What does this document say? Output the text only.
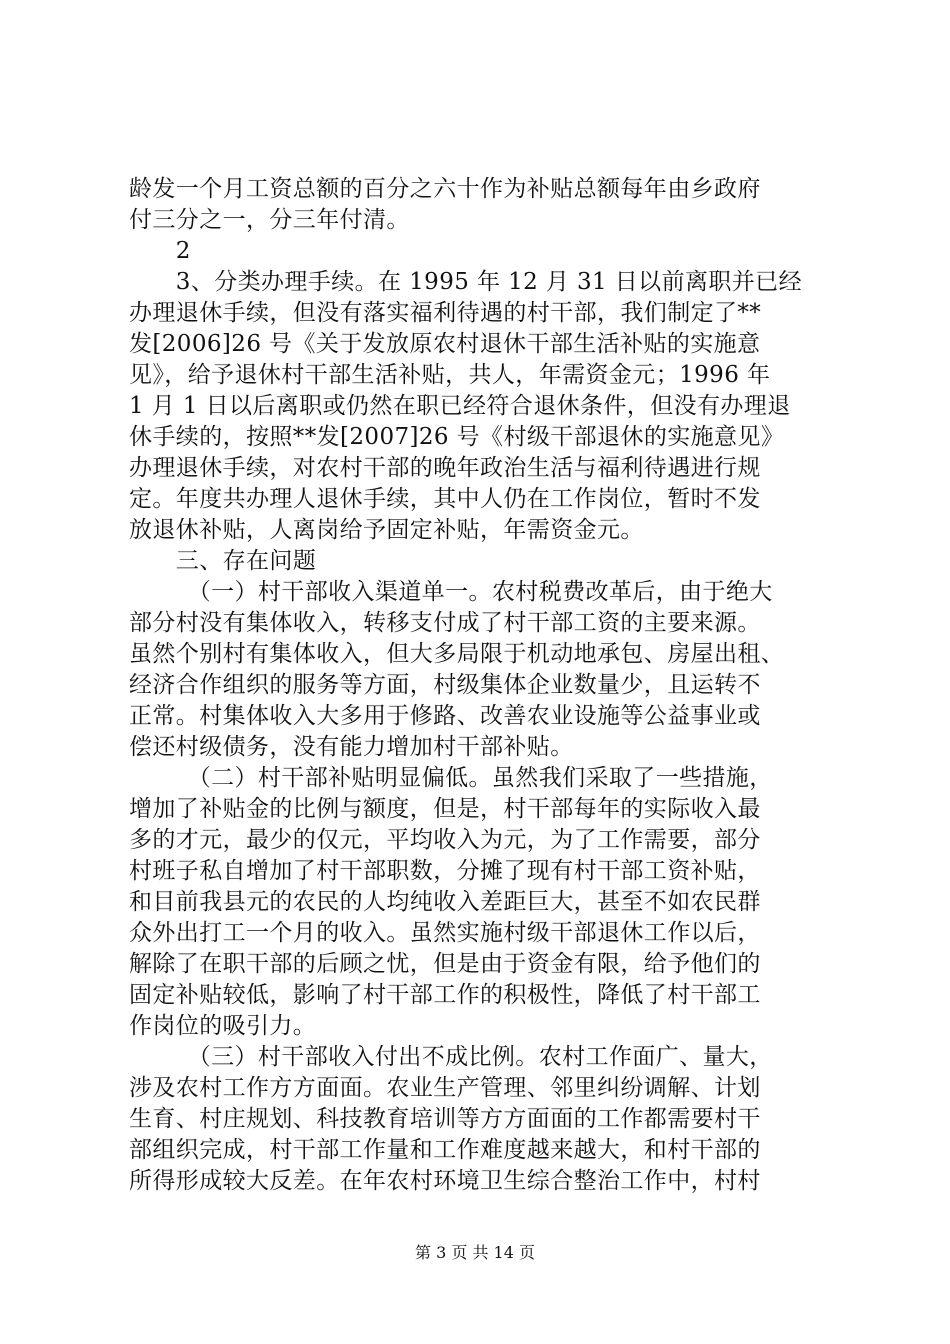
龄发一个月工资总额的百分之六十作为补贴总额每年由乡政府
付三分之一，分三年付清。
　　2
　　3、分类办理手续。在 1995 年 12 月 31 日以前离职并已经
办理退休手续，但没有落实福利待遇的村干部，我们制定了**
发[2006]26 号《关于发放原农村退休干部生活补贴的实施意
见》，给予退休村干部生活补贴，共人，年需资金元；1996 年
1 月 1 日以后离职或仍然在职已经符合退休条件，但没有办理退
休手续的，按照**发[2007]26 号《村级干部退休的实施意见》
办理退休手续，对农村干部的晚年政治生活与福利待遇进行规
定。年度共办理人退休手续，其中人仍在工作岗位，暂时不发
放退休补贴，人离岗给予固定补贴，年需资金元。
　　三、存在问题
　　　（一）村干部收入渠道单一。农村税费改革后，由于绝大
部分村没有集体收入，转移支付成了村干部工资的主要来源。
虽然个别村有集体收入，但大多局限于机动地承包、房屋出租、
经济合作组织的服务等方面，村级集体企业数量少，且运转不
正常。村集体收入大多用于修路、改善农业设施等公益事业或
偿还村级债务，没有能力增加村干部补贴。
　　　（二）村干部补贴明显偏低。虽然我们采取了一些措施，
增加了补贴金的比例与额度，但是，村干部每年的实际收入最
多的才元，最少的仅元，平均收入为元，为了工作需要，部分
村班子私自增加了村干部职数，分摊了现有村干部工资补贴，
和目前我县元的农民的人均纯收入差距巨大，甚至不如农民群
众外出打工一个月的收入。虽然实施村级干部退休工作以后，
解除了在职干部的后顾之忧，但是由于资金有限，给予他们的
固定补贴较低，影响了村干部工作的积极性，降低了村干部工
作岗位的吸引力。
　　　（三）村干部收入付出不成比例。农村工作面广、量大，
涉及农村工作方方面面。农业生产管理、邻里纠纷调解、计划
生育、村庄规划、科技教育培训等方方面面的工作都需要村干
部组织完成，村干部工作量和工作难度越来越大，和村干部的
所得形成较大反差。在年农村环境卫生综合整治工作中，村村
第 3 页 共 14 页
